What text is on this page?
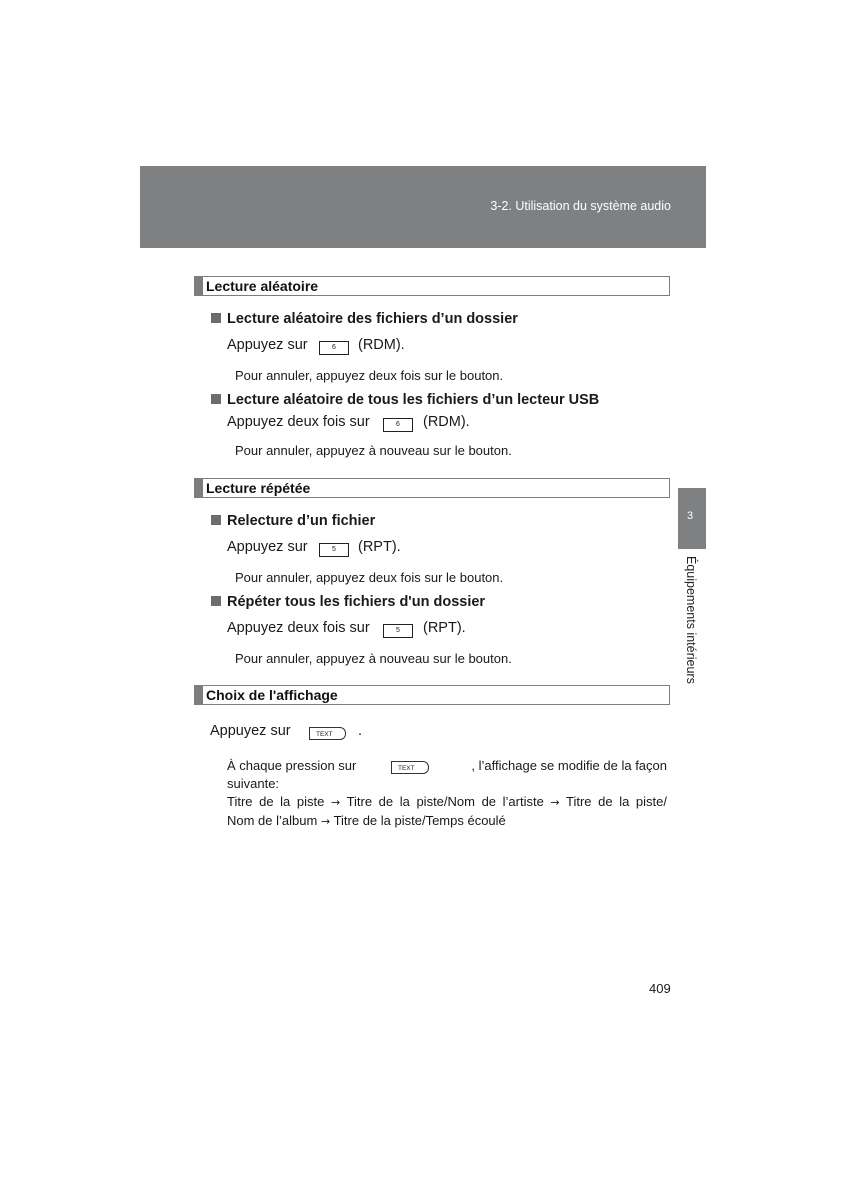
3-2. Utilisation du système audio
Lecture aléatoire
Lecture aléatoire des fichiers d’un dossier
Appuyez sur	6	(RDM).
Pour annuler, appuyez deux fois sur le bouton.
Lecture aléatoire de tous les fichiers d’un lecteur USB
Appuyez deux fois sur	6	(RDM).
Pour annuler, appuyez à nouveau sur le bouton.
Lecture répétée
Relecture d’un fichier
Appuyez sur	5	(RPT).
Pour annuler, appuyez deux fois sur le bouton.
Répéter tous les fichiers d'un dossier
Appuyez deux fois sur	5	(RPT).
Pour annuler, appuyez à nouveau sur le bouton.
Choix de l'affichage
Appuyez sur	TEXT	.
À chaque pression sur	, l’affichage se modifie de la façon
suivante:
Titre de la piste → Titre de la piste/Nom de l’artiste → Titre de la piste/
Nom de l’album → Titre de la piste/Temps écoulé
TEXT
3
Équipements intérieurs
409
